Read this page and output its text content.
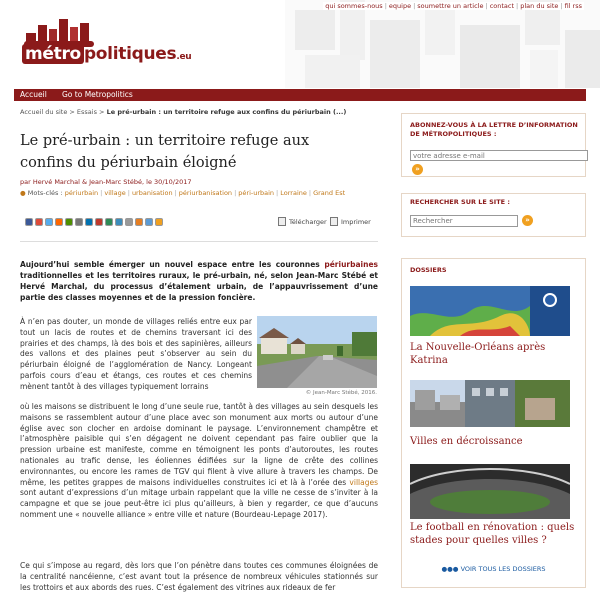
qui sommes-nous | equipe | soumettre un article | contact | plan du site | fil rss
métro politiques.eu
Accueil Go to Metropolitics
Accueil du site > Essais > Le pré-urbain : un territoire refuge aux confins du périurbain (...)
Le pré-urbain : un territoire refuge aux confins du périurbain éloigné
par Hervé Marchal & Jean-Marc Stébé, le 30/10/2017
● Mots-clés : périurbain | village | urbanisation | périurbanisation | péri-urbain | Lorraine | Grand Est
Télécharger Imprimer

Aujourd’hui semble émerger un nouvel espace entre les couronnes périurbaines traditionnelles et les territoires ruraux, le pré-urbain, né, selon Jean-Marc Stébé et Hervé Marchal, du processus d’étalement urbain, de l’appauvrissement d’une partie des classes moyennes et de la pression foncière.

À n’en pas douter, un monde de villages reliés entre eux par tout un lacis de routes et de chemins traversant ici des prairies et des champs, là des bois et des sapinières, ailleurs des vallons et des plaines peut s’observer au sein du périurbain éloigné de l’agglomération de Nancy. Longeant parfois cours d’eau et étangs, ces routes et ces chemins mènent tantôt à des villages typiquement lorrains

© Jean-Marc Stébé, 2016.

où les maisons se distribuent le long d’une seule rue, tantôt à des villages au sein desquels les maisons se rassemblent autour d’une place avec son monument aux morts ou autour d’une église avec son clocher en ardoise dominant le paysage. L’environnement champêtre et l’atmosphère paisible qui s’en dégagent ne doivent cependant pas faire oublier que la pression urbaine est manifeste, comme en témoignent les ponts d’autoroutes, les routes nationales au trafic dense, les éoliennes édifiées sur la ligne de crête des collines environnantes, ou encore les rames de TGV qui filent à vive allure à travers les champs. De même, les petites grappes de maisons individuelles construites ici et là à l’orée des villages sont autant d’expressions d’un mitage urbain rappelant que la ville ne cesse de s’inviter à la campagne et que se joue peut-être ici plus qu’ailleurs, à bien y regarder, ce que d’aucuns nomment une « nouvelle alliance » entre ville et nature (Bourdeau-Lepage 2017).

Ce qui s’impose au regard, dès lors que l’on pénètre dans toutes ces communes éloignées de la centralité nancéienne, c’est avant tout la présence de nombreux véhicules stationnés sur les trottoirs et aux abords des rues. C’est également des vitrines aux rideaux de fer

ABONNEZ-VOUS À LA LETTRE D’INFORMATION DE MÉTROPOLITIQUES :
votre adresse e-mail
»
RECHERCHER SUR LE SITE :
Rechercher
»
DOSSIERS
La Nouvelle-Orléans après Katrina
Villes en décroissance
Le football en rénovation : quels stades pour quelles villes ?
●●● VOIR TOUS LES DOSSIERS
